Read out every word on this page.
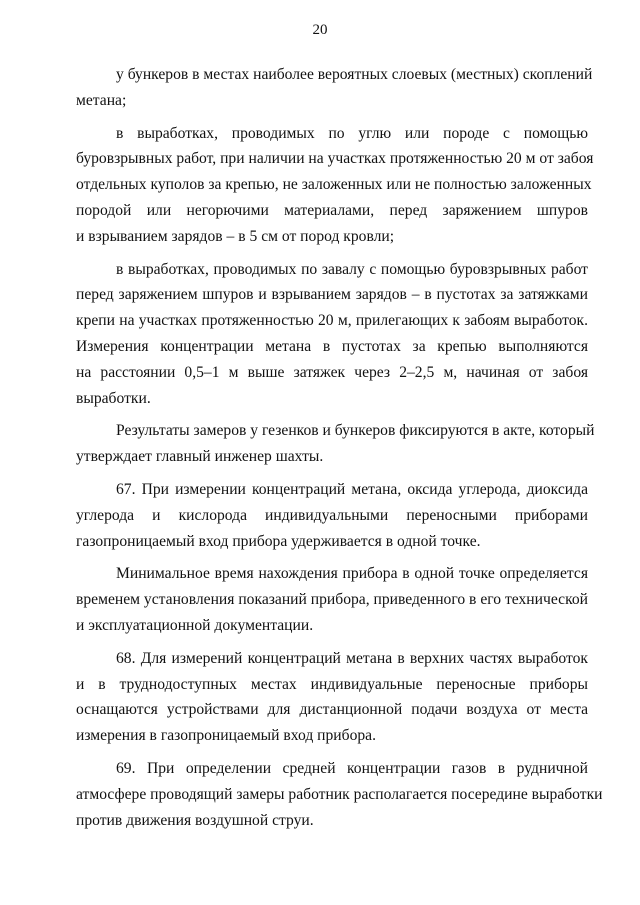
20
у бункеров в местах наиболее вероятных слоевых (местных) скоплений
метана;
в выработках, проводимых по углю или породе с помощью
буровзрывных работ, при наличии на участках протяженностью 20 м от забоя
отдельных куполов за крепью, не заложенных или не полностью заложенных
породой или негорючими материалами, перед заряжением шпуров
и взрыванием зарядов – в 5 см от пород кровли;
в выработках, проводимых по завалу с помощью буровзрывных работ
перед заряжением шпуров и взрыванием зарядов – в пустотах за затяжками
крепи на участках протяженностью 20 м, прилегающих к забоям выработок.
Измерения концентрации метана в пустотах за крепью выполняются
на расстоянии 0,5–1 м выше затяжек через 2–2,5 м, начиная от забоя
выработки.
Результаты замеров у гезенков и бункеров фиксируются в акте, который
утверждает главный инженер шахты.
67. При измерении концентраций метана, оксида углерода, диоксида
углерода и кислорода индивидуальными переносными приборами
газопроницаемый вход прибора удерживается в одной точке.
Минимальное время нахождения прибора в одной точке определяется
временем установления показаний прибора, приведенного в его технической
и эксплуатационной документации.
68. Для измерений концентраций метана в верхних частях выработок
и в труднодоступных местах индивидуальные переносные приборы
оснащаются устройствами для дистанционной подачи воздуха от места
измерения в газопроницаемый вход прибора.
69. При определении средней концентрации газов в рудничной
атмосфере проводящий замеры работник располагается посередине выработки
против движения воздушной струи.
